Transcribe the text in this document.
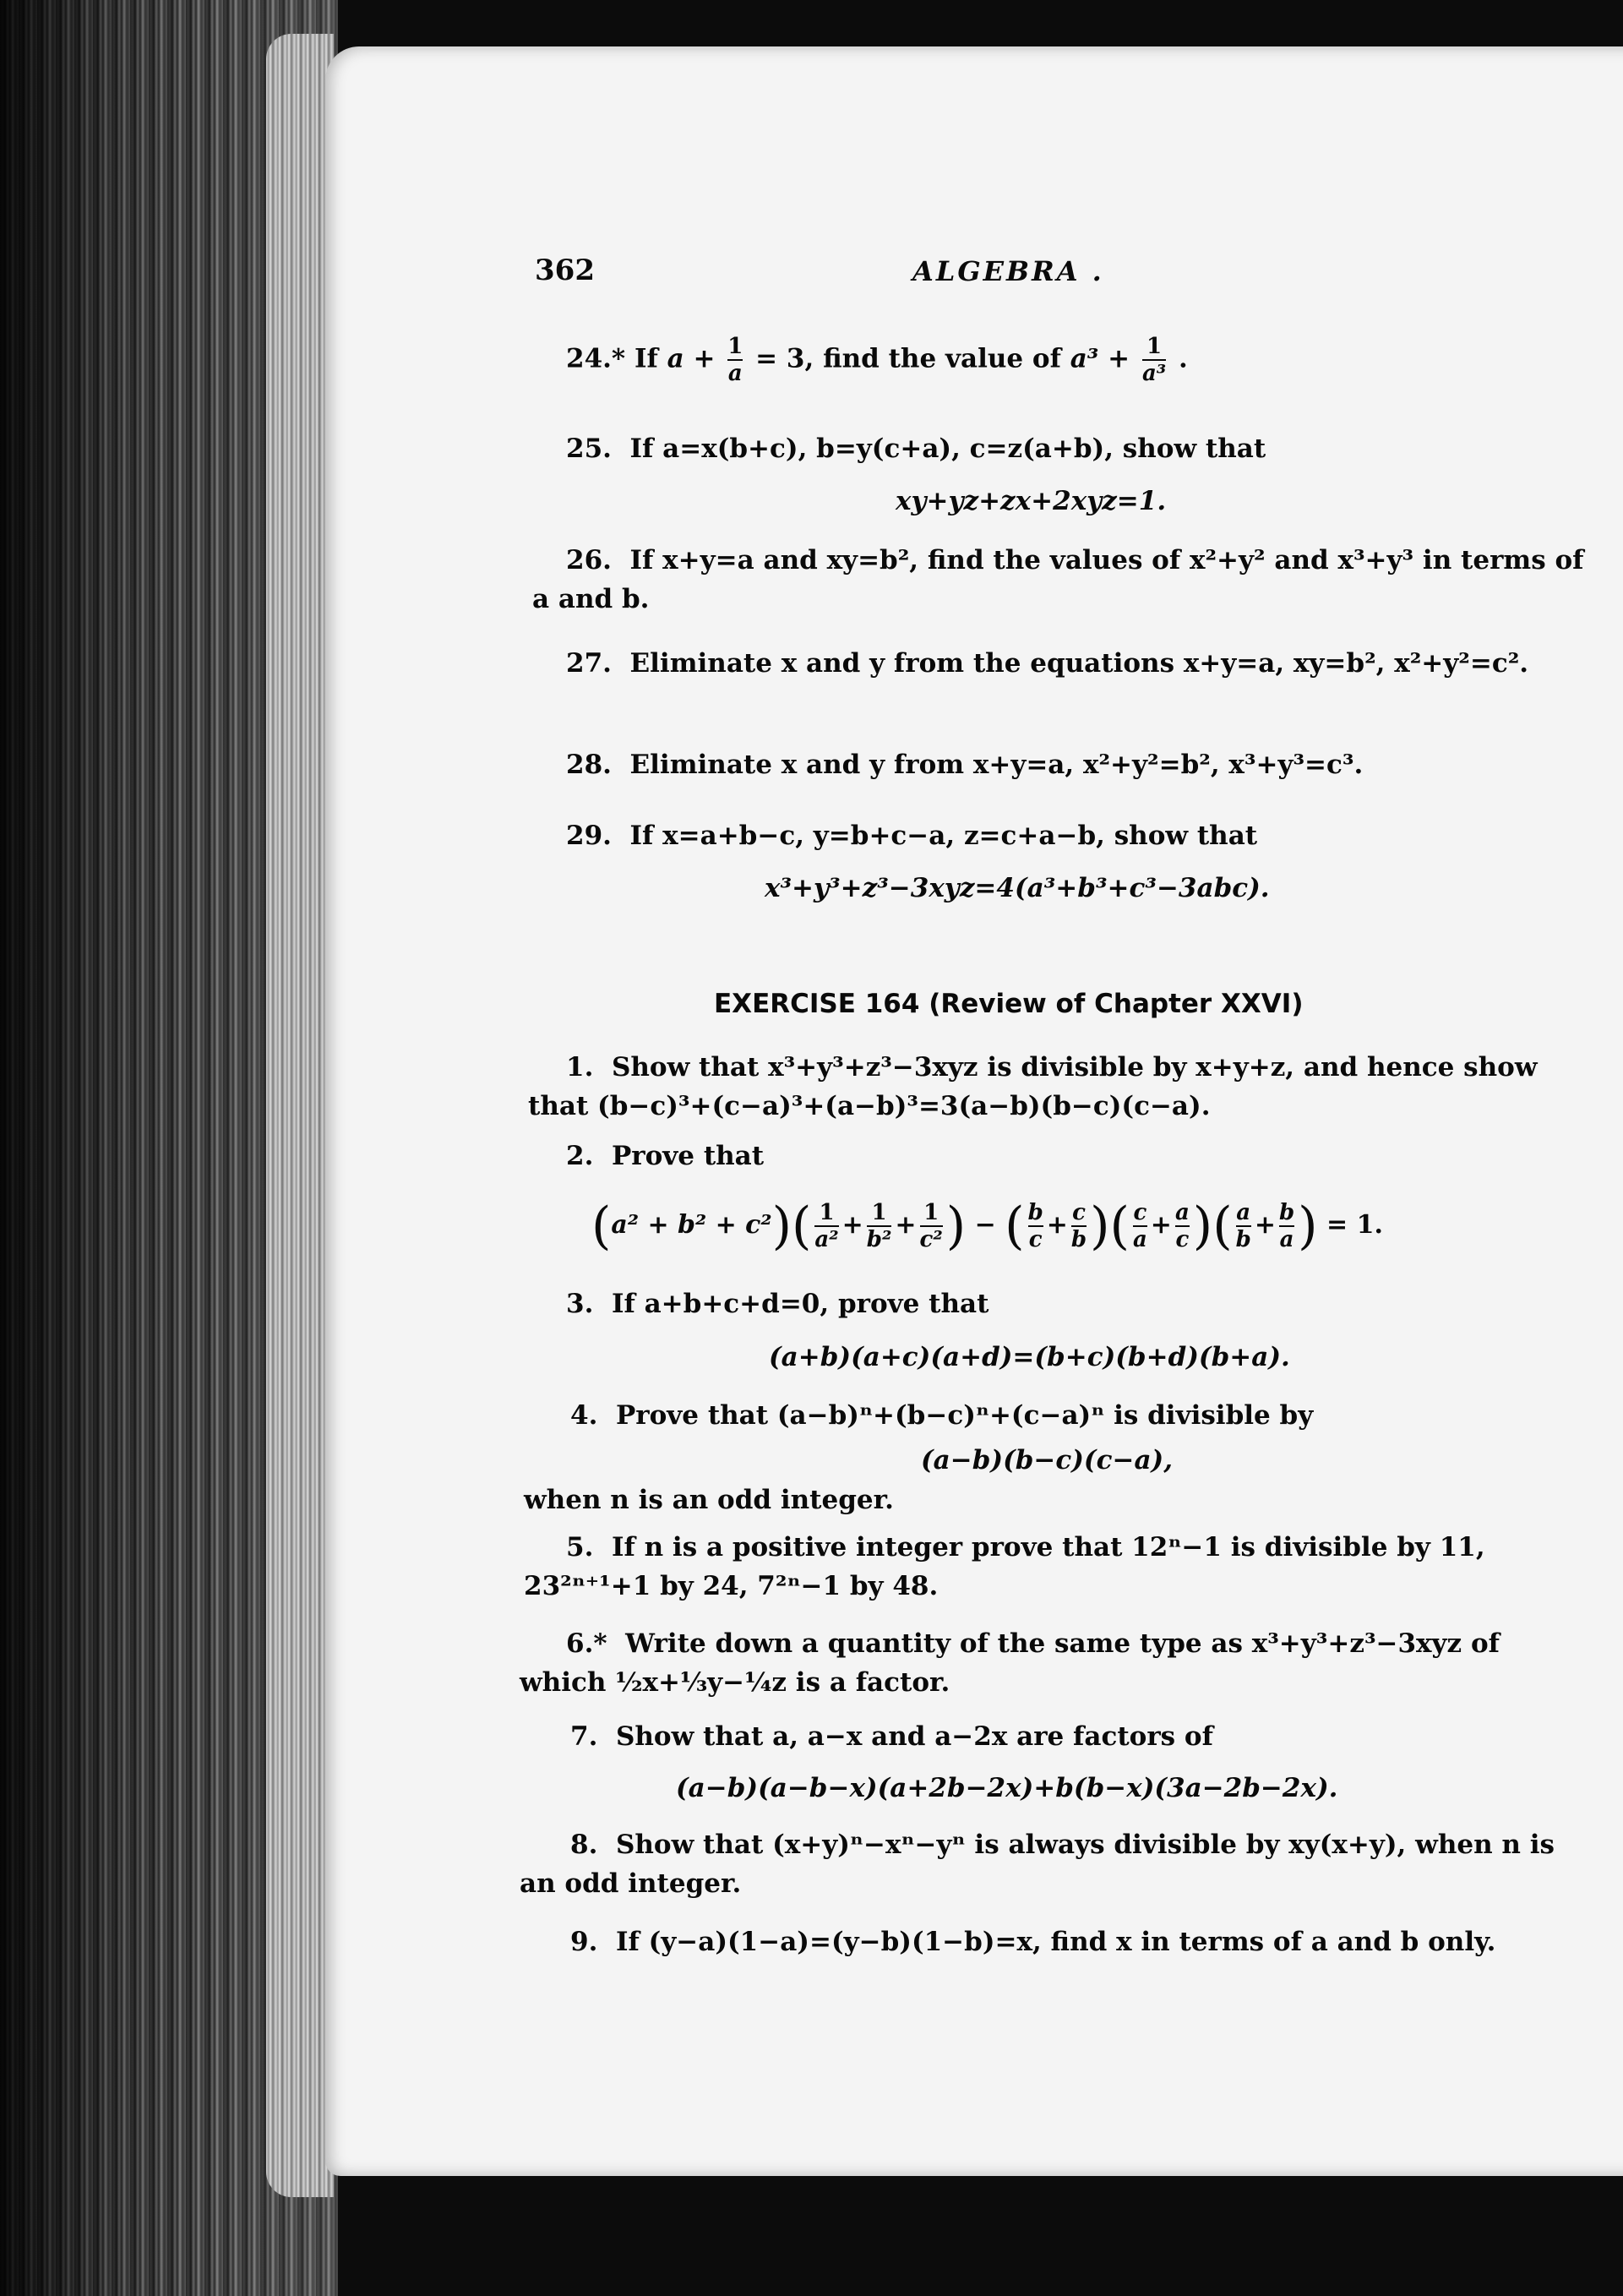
362	ALGEBRA .
24.* If $a + \frac{1}{a} = 3$, find the value of $a^3 + \frac{1}{\text{a³}}$ .
25. If a=x(b+c), b=y(c+a), c=z(a+b), show that
xy+yz+zx+2xyz=1.
26. If x+y=a and xy=b², find the values of x²+y² and x³+y³ in terms of a and b.
27. Eliminate x and y from the equations x+y=a, xy=b², x²+y²=c².
28. Eliminate x and y from x+y=a, x²+y²=b², x³+y³=c³.
29. If x=a+b−c, y=b+c−a, z=c+a−b, show that
x³+y³+z³−3xyz=4(a³+b³+c³−3abc).
EXERCISE 164 (Review of Chapter XXVI)
1. Show that x³+y³+z³−3xyz is divisible by x+y+z, and hence show that (b−c)³+(c−a)³+(a−b)³=3(a−b)(b−c)(c−a).
2. Prove that
$(a^2 + b^2 + c^2)( \frac{1}{\text{a²}} + \frac{1}{\text{b²}} + \frac{1}{\text{c²}}$ ) − ( $\frac{b}{c} + \frac{c}{b}$ )( $\frac{c}{a} + \frac{a}{c}$ )( $\frac{a}{b} + \frac{b}{a}$ ) = 1.
3. If a+b+c+d=0, prove that
(a+b)(a+c)(a+d)=(b+c)(b+d)(b+a).
4. Prove that (a−b)ⁿ+(b−c)ⁿ+(c−a)ⁿ is divisible by
(a−b)(b−c)(c−a),
when n is an odd integer.
5. If n is a positive integer prove that 12ⁿ−1 is divisible by 11, 23²ⁿ⁺¹+1 by 24, 7²ⁿ−1 by 48.
6.* Write down a quantity of the same type as x³+y³+z³−3xyz of which ½x+⅓y−¼z is a factor.
7. Show that a, a−x and a−2x are factors of
(a−b)(a−b−x)(a+2b−2x)+b(b−x)(3a−2b−2x).
8. Show that (x+y)ⁿ−xⁿ−yⁿ is always divisible by xy(x+y), when n is an odd integer.
9. If (y−a)(1−a)=(y−b)(1−b)=x, find x in terms of a and b only.
